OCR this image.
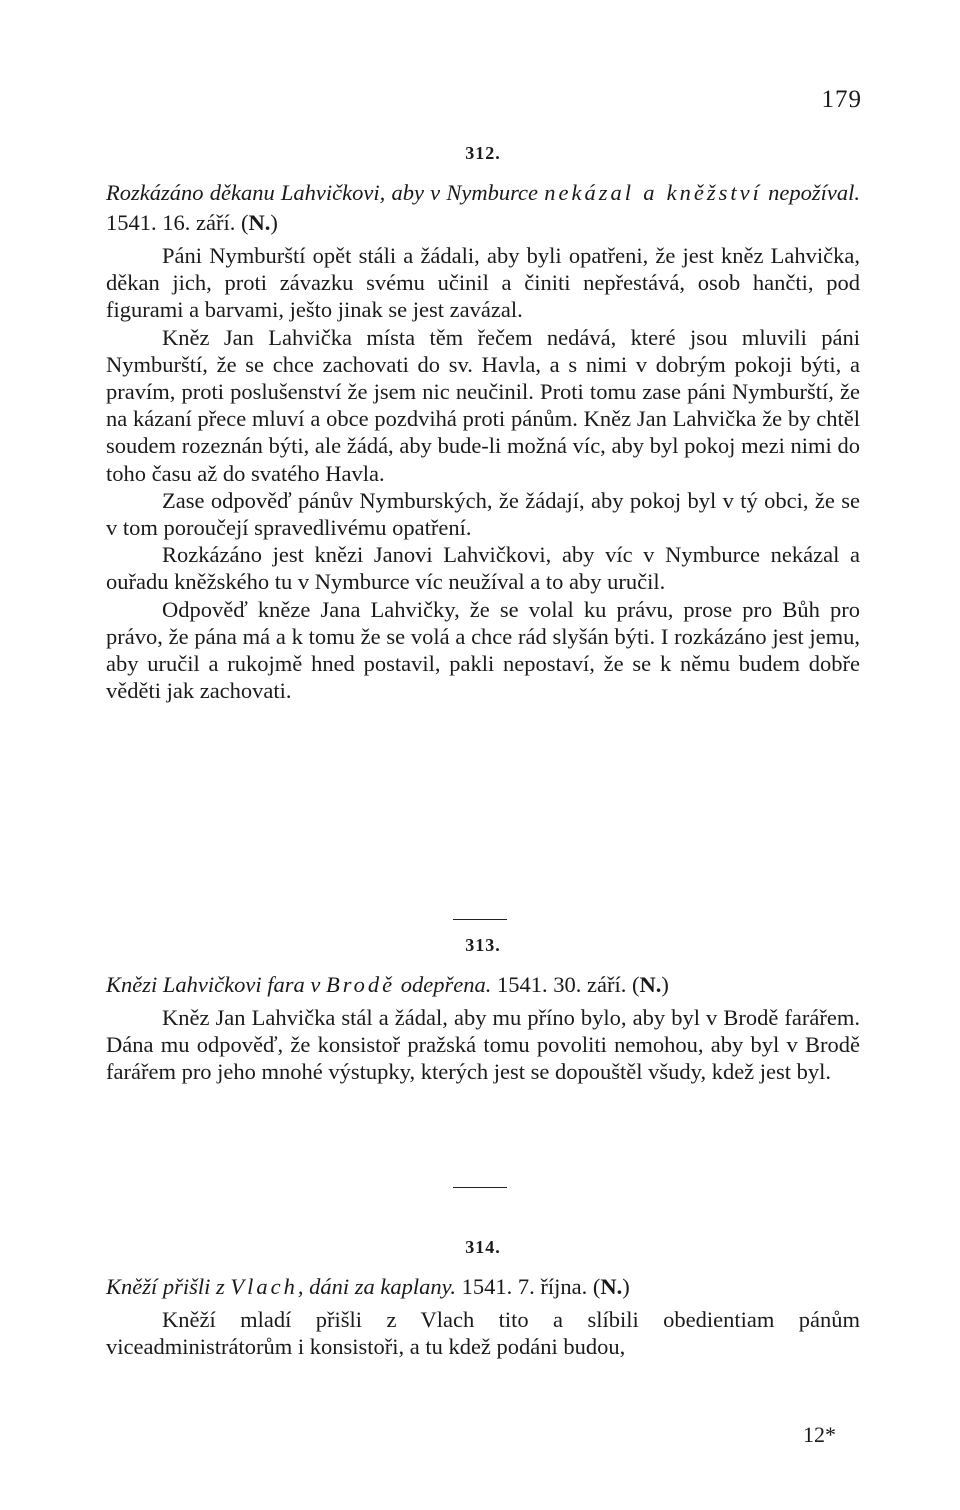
179
312.
Rozkázáno děkanu Lahvičkovi, aby v Nymburce nekázal a kněžství nepožíval. 1541. 16. září. (N.)

Páni Nymburští opět stáli a žádali, aby byli opatřeni, že jest kněz Lahvička, děkan jich, proti závazku svému učinil a činiti nepřestává, osob hančti, pod figurami a barvami, ješto jinak se jest zavázal.

Kněz Jan Lahvička místa těm řečem nedává, které jsou mluvili páni Nymburští, že se chce zachovati do sv. Havla, a s nimi v dobrým pokoji býti, a pravím, proti poslušenství že jsem nic neučinil. Proti tomu zase páni Nymburští, že na kázaní přece mluví a obce pozdvihá proti pánům. Kněz Jan Lahvička že by chtěl soudem rozeznán býti, ale žádá, aby bude-li možná víc, aby byl pokoj mezi nimi do toho času až do svatého Havla.

Zase odpověď pánův Nymburských, že žádají, aby pokoj byl v tý obci, že se v tom poroučejí spravedlivému opatření.

Rozkázáno jest knězi Janovi Lahvičkovi, aby víc v Nymburce nekázal a ouřadu kněžského tu v Nymburce víc neužíval a to aby uručil.

Odpověď kněze Jana Lahvičky, že se volal ku právu, prose pro Bůh pro právo, že pána má a k tomu že se volá a chce rád slyšán býti. I rozkázáno jest jemu, aby uručil a rukojmě hned postavil, pakli nepostaví, že se k němu budem dobře věděti jak zachovati.

313.
Knězi Lahvičkovi fara v Brodě odepřena. 1541. 30. září. (N.)

Kněz Jan Lahvička stál a žádal, aby mu příno bylo, aby byl v Brodě farářem. Dána mu odpověď, že konsistoř pražská tomu povoliti nemohou, aby byl v Brodě farářem pro jeho mnohé výstupky, kterých jest se dopouštěl všudy, kdež jest byl.

314.
Kněží přišli z Vlach, dáni za kaplany. 1541. 7. října. (N.)

Kněží mladí přišli z Vlach tito a slíbili obedientiam pánům viceadministrátorům i konsistoři, a tu kdež podáni budou,

12*
